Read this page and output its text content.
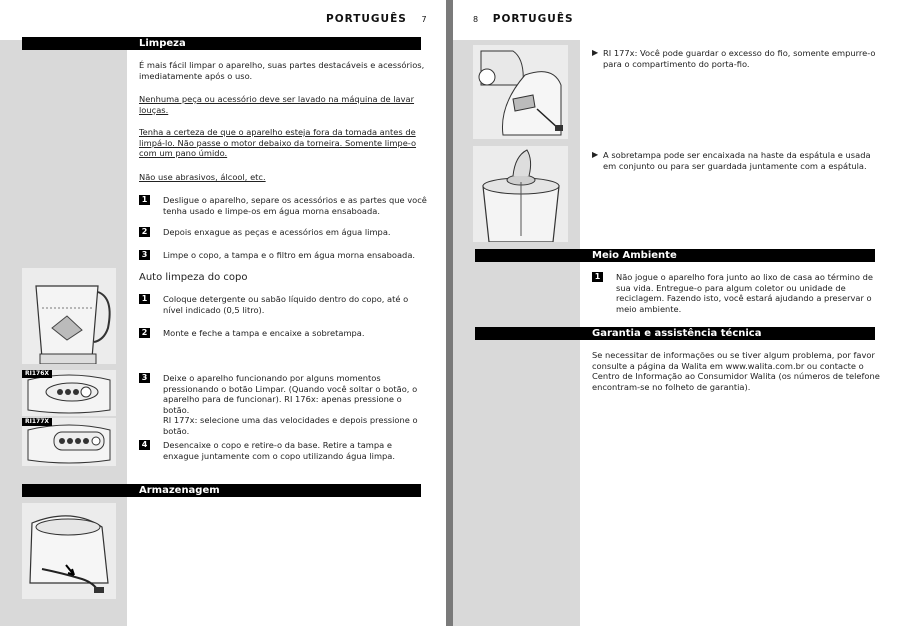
PORTUGUÊS 7
Limpeza
É mais fácil limpar o aparelho, suas partes destacáveis e acessórios,
imediatamente após o uso.
Nenhuma peça ou acessório deve ser lavado na máquina de lavar
louças.
Tenha a certeza de que o aparelho esteja fora da tomada antes de
limpá-lo. Não passe o motor debaixo da torneira. Somente limpe-o
com um pano úmido.
Não use abrasivos, álcool, etc.
1	Desligue o aparelho, separe os acessórios e as partes que você
tenha usado e limpe-os em água morna ensaboada.
2	Depois enxague as peças e acessórios em água limpa.
3	Limpe o copo, a tampa e o filtro em água morna ensaboada.
Auto limpeza do copo
1	Coloque detergente ou sabão líquido dentro do copo, até o
nível indicado (0,5 litro).
2	Monte e feche a tampa e encaixe a sobretampa.
3	Deixe o aparelho funcionando por alguns momentos
pressionando o botão Limpar. (Quando você soltar o botão, o
aparelho para de funcionar). RI 176x: apenas pressione o botão.
RI 177x: selecione uma das velocidades e depois pressione o
botão.
4	Desencaixe o copo e retire-o da base. Retire a tampa e
enxague juntamente com o copo utilizando água limpa.
RI176X
RI177X
Armazenagem
8 PORTUGUÊS
▶ RI 177x: Você pode guardar o excesso do fio, somente empurre-o
para o compartimento do porta-fio.
▶ A sobretampa pode ser encaixada na haste da espátula e usada
em conjunto ou para ser guardada juntamente com a espátula.
Meio Ambiente
1	Não jogue o aparelho fora junto ao lixo de casa ao término de
sua vida. Entregue-o para algum coletor ou unidade de
reciclagem. Fazendo isto, você estará ajudando a preservar o
meio ambiente.
Garantia e assistência técnica
Se necessitar de informações ou se tiver algum problema, por favor
consulte a página da Walita em www.walita.com.br ou contacte o
Centro de Informação ao Consumidor Walita (os números de telefone
encontram-se no folheto de garantia).
